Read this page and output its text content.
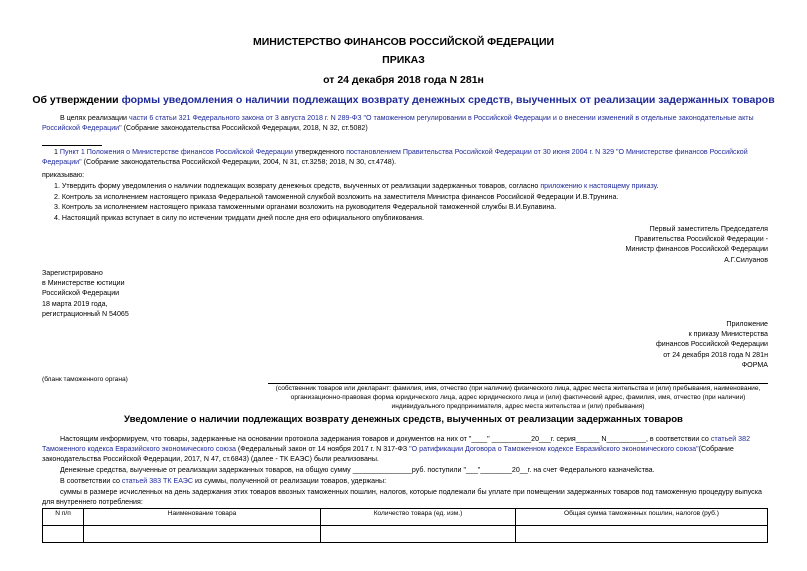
МИНИСТЕРСТВО ФИНАНСОВ РОССИЙСКОЙ ФЕДЕРАЦИИ
ПРИКАЗ
от 24 декабря 2018 года N 281н
Об утверждении формы уведомления о наличии подлежащих возврату денежных средств, выученных от реализации задержанных товаров
В целях реализации части 6 статьи 321 Федерального закона от 3 августа 2018 г. N 289-ФЗ "О таможенном регулировании в Российской Федерации и о внесении изменений в отдельные законодательные акты Российской Федерации" (Собрание законодательства Российской Федерации, 2018, N 32, ст.5082)
1 Пункт 1 Положения о Министерстве финансов Российской Федерации утвержденного постановлением Правительства Российской Федерации от 30 июня 2004 г. N 329 "О Министерстве финансов Российской Федерации" (Собрание законодательства Российской Федерации, 2004, N 31, ст.3258; 2018, N 30, ст.4748).
приказываю:
1. Утвердить форму уведомления о наличии подлежащих возврату денежных средств, выученных от реализации задержанных товаров, согласно приложению к настоящему приказу.
2. Контроль за исполнением настоящего приказа Федеральной таможенной службой возложить на заместителя Министра финансов Российской Федерации И.В.Трунина.
3. Контроль за исполнением настоящего приказа таможенными органами возложить на руководителя Федеральной таможенной службы В.И.Булавина.
4. Настоящий приказ вступает в силу по истечении тридцати дней после дня его официального опубликования.
Первый заместитель Председателя
Правительства Российской Федерации -
Министр финансов Российской Федерации
А.Г.Силуанов
Зарегистрировано
в Министерстве юстиции
Российской Федерации
18 марта 2019 года,
регистрационный N 54065
Приложение
к приказу Министерства
финансов Российской Федерации
от 24 декабря 2018 года N 281н
ФОРМА
(бланк таможенного органа)
(собственник товаров или декларант: фамилия, имя, отчество (при наличии) физического лица, адрес места жительства и (или) пребывания, наименование,
организационно-правовая форма юридического лица, адрес юридического лица и (или) фактический адрес, фамилия, имя, отчество (при наличии)
индивидуального предпринимателя, адрес места жительства и (или) пребывания)
Уведомление о наличии подлежащих возврату денежных средств, выученных от реализации задержанных товаров
Настоящим информируем, что товары, задержанные на основании протокола задержания товаров и документов на них от "____" __________20___г. серия______ N__________, в соответствии со статьей 382 Таможенного кодекса Евразийского экономического союза (Федеральный закон от 14 ноября 2017 г. N 317-ФЗ "О ратификации Договора о Таможенном кодексе Евразийского экономического союза"(Собрание законодательства Российской Федерации, 2017, N 47, ст.6843) (далее - ТК ЕАЭС) были реализованы.
Денежные средства, выученные от реализации задержанных товаров, на общую сумму _______________руб. поступили "___"________20__г. на счет Федерального казначейства.
В соответствии со статьей 383 ТК ЕАЭС из суммы, полученной от реализации товаров, удержаны:
суммы в размере исчисленных на день задержания этих товаров ввозных таможенных пошлин, налогов, которые подлежали бы уплате при помещении задержанных товаров под таможенную процедуру выпуска для внутреннего потребления:
N п/п	Наименование товара	Количество товара (ед. изм.)	Общая сумма таможенных пошлин, налогов (руб.)
